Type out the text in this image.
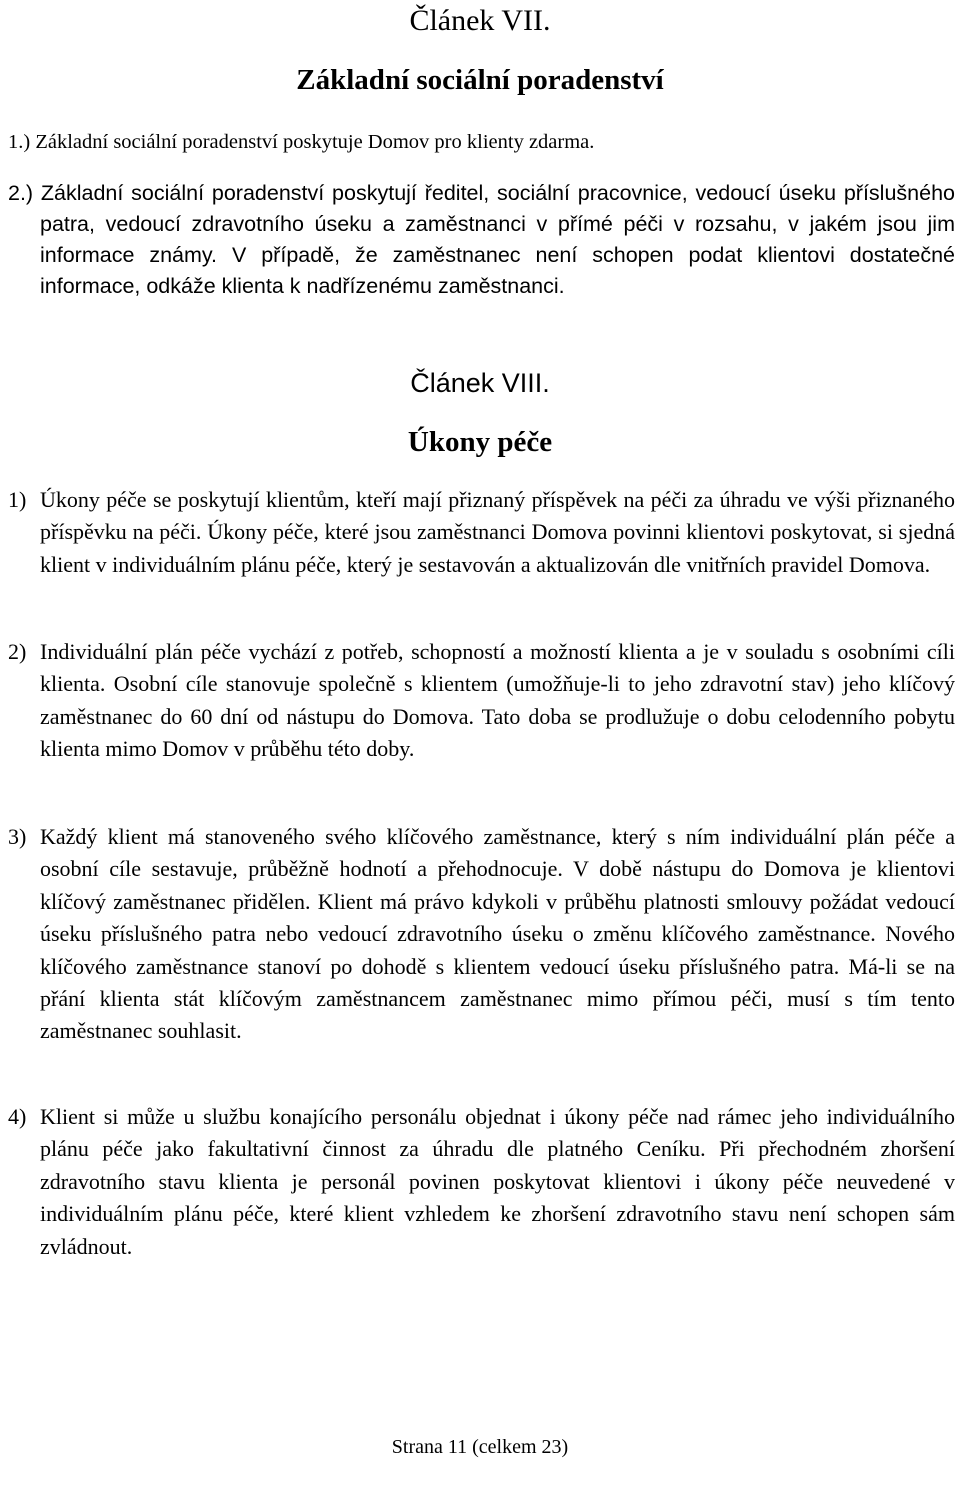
Článek VII.
Základní sociální poradenství
1.) Základní sociální poradenství poskytuje Domov pro klienty zdarma.
2.) Základní sociální poradenství poskytují ředitel, sociální pracovnice, vedoucí úseku příslušného patra, vedoucí zdravotního úseku a zaměstnanci v přímé péči v rozsahu, v jakém jsou jim informace známy. V případě, že zaměstnanec není schopen podat klientovi dostatečné informace, odkáže klienta k nadřízenému zaměstnanci.
Článek VIII.
Úkony péče
1) Úkony péče se poskytují klientům, kteří mají přiznaný příspěvek na péči za úhradu ve výši přiznaného příspěvku na péči. Úkony péče, které jsou zaměstnanci Domova povinni klientovi poskytovat, si sjedná klient v individuálním plánu péče, který je sestavován a aktualizován dle vnitřních pravidel Domova.
2) Individuální plán péče vychází z potřeb, schopností a možností klienta a je v souladu s osobními cíli klienta. Osobní cíle stanovuje společně s klientem (umožňuje-li to jeho zdravotní stav) jeho klíčový zaměstnanec do 60 dní od nástupu do Domova. Tato doba se prodlužuje o dobu celodenního pobytu klienta mimo Domov v průběhu této doby.
3) Každý klient má stanoveného svého klíčového zaměstnance, který s ním individuální plán péče a osobní cíle sestavuje, průběžně hodnotí a přehodnocuje. V době nástupu do Domova je klientovi klíčový zaměstnanec přidělen. Klient má právo kdykoli v průběhu platnosti smlouvy požádat vedoucí úseku příslušného patra nebo vedoucí zdravotního úseku o změnu klíčového zaměstnance. Nového klíčového zaměstnance stanoví po dohodě s klientem vedoucí úseku příslušného patra. Má-li se na přání klienta stát klíčovým zaměstnancem zaměstnanec mimo přímou péči, musí s tím tento zaměstnanec souhlasit.
4) Klient si může u službu konajícího personálu objednat i úkony péče nad rámec jeho individuálního plánu péče jako fakultativní činnost za úhradu dle platného Ceníku. Při přechodném zhoršení zdravotního stavu klienta je personál povinen poskytovat klientovi i úkony péče neuvedené v individuálním plánu péče, které klient vzhledem ke zhoršení zdravotního stavu není schopen sám zvládnout.
Strana 11 (celkem 23)
